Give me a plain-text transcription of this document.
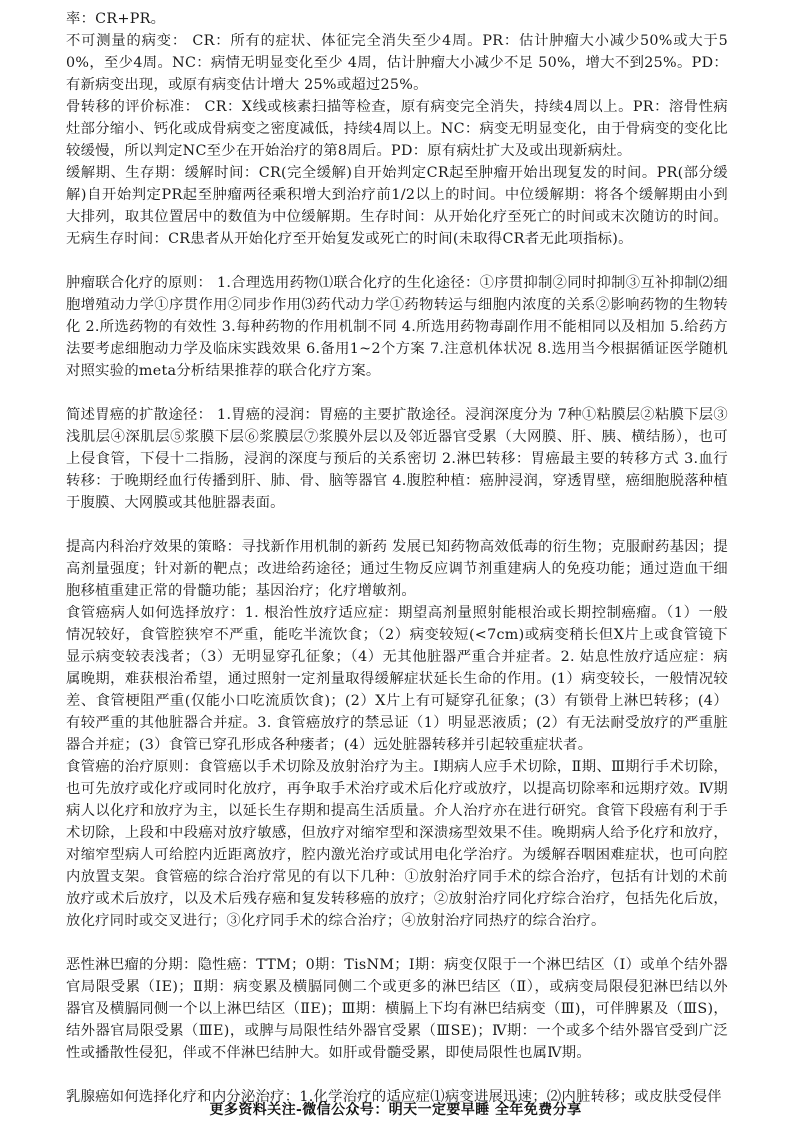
率：CR+PR。

不可测量的病变： CR：所有的症状、体征完全消失至少4周。PR：估计肿瘤大小减少50%或大于50%，至少4周。NC：病情无明显变化至少 4周，估计肿瘤大小减少不足 50%，增大不到25%。PD：有新病变出现，或原有病变估计增大 25%或超过25%。

骨转移的评价标准： CR：X线或核素扫描等检查，原有病变完全消失，持续4周以上。PR：溶骨性病灶部分缩小、钙化或成骨病变之密度减低，持续4周以上。NC：病变无明显变化，由于骨病变的变化比较缓慢，所以判定NC至少在开始治疗的第8周后。PD：原有病灶扩大及或出现新病灶。

缓解期、生存期：缓解时间：CR(完全缓解)自开始判定CR起至肿瘤开始出现复发的时间。PR(部分缓解)自开始判定PR起至肿瘤两径乘积增大到治疗前1/2以上的时间。中位缓解期：将各个缓解期由小到大排列，取其位置居中的数值为中位缓解期。生存时间：从开始化疗至死亡的时间或末次随访的时间。无病生存时间：CR患者从开始化疗至开始复发或死亡的时间(未取得CR者无此项指标)。

肿瘤联合化疗的原则： 1.合理选用药物⑴联合化疗的生化途径：①序贯抑制②同时抑制③互补抑制⑵细胞增殖动力学①序贯作用②同步作用⑶药代动力学①药物转运与细胞内浓度的关系②影响药物的生物转化 2.所选药物的有效性 3.每种药物的作用机制不同 4.所选用药物毒副作用不能相同以及相加 5.给药方法要考虑细胞动力学及临床实践效果 6.备用1~2个方案 7.注意机体状况 8.选用当今根据循证医学随机对照实验的meta分析结果推荐的联合化疗方案。

简述胃癌的扩散途径： 1.胃癌的浸润：胃癌的主要扩散途径。浸润深度分为 7种①粘膜层②粘膜下层③浅肌层④深肌层⑤浆膜下层⑥浆膜层⑦浆膜外层以及邻近器官受累（大网膜、肝、胰、横结肠），也可上侵食管，下侵十二指肠，浸润的深度与预后的关系密切 2.淋巴转移：胃癌最主要的转移方式 3.血行转移：于晚期经血行传播到肝、肺、骨、脑等器官 4.腹腔种植：癌肿浸润，穿透胃壁，癌细胞脱落种植于腹膜、大网膜或其他脏器表面。

提高内科治疗效果的策略：寻找新作用机制的新药 发展已知药物高效低毒的衍生物；克服耐药基因；提高剂量强度；针对新的靶点；改进给药途径；通过生物反应调节剂重建病人的免疫功能；通过造血干细胞移植重建正常的骨髓功能；基因治疗；化疗增敏剂。

食管癌病人如何选择放疗：1. 根治性放疗适应症：期望高剂量照射能根治或长期控制癌瘤。（1）一般情况较好，食管腔狭窄不严重，能吃半流饮食；（2）病变较短(<7cm)或病变稍长但X片上或食管镜下显示病变较表浅者；（3）无明显穿孔征象；（4）无其他脏器严重合并症者。2. 姑息性放疗适应症：病属晚期，难获根治希望，通过照射一定剂量取得缓解症状延长生命的作用。(1）病变较长，一般情况较差、食管梗阻严重(仅能小口吃流质饮食)；(2）X片上有可疑穿孔征象；(3）有锁骨上淋巴转移；(4）有较严重的其他脏器合并症。3. 食管癌放疗的禁忌证（1）明显恶液质；(2）有无法耐受放疗的严重脏器合并症；(3）食管已穿孔形成各种瘘者；(4）远处脏器转移并引起较重症状者。

食管癌的治疗原则：食管癌以手术切除及放射治疗为主。I期病人应手术切除，Ⅱ期、Ⅲ期行手术切除，也可先放疗或化疗或同时化放疗，再争取手术治疗或术后化疗或放疗，以提高切除率和远期疗效。Ⅳ期病人以化疗和放疗为主，以延长生存期和提高生活质量。介人治疗亦在进行研究。食管下段癌有利于手术切除，上段和中段癌对放疗敏感，但放疗对缩窄型和深溃疡型效果不佳。晚期病人给予化疗和放疗，对缩窄型病人可给腔内近距离放疗，腔内激光治疗或试用电化学治疗。为缓解吞咽困难症状，也可向腔内放置支架。食管癌的综合治疗常见的有以下几种：①放射治疗同手术的综合治疗，包括有计划的术前放疗或术后放疗，以及术后残存癌和复发转移癌的放疗；②放射治疗同化疗综合治疗，包括先化后放，放化疗同时或交叉进行；③化疗同手术的综合治疗；④放射治疗同热疗的综合治疗。

恶性淋巴瘤的分期：隐性癌：TTM；0期：TisNM；Ⅰ期：病变仅限于一个淋巴结区（Ⅰ）或单个结外器官局限受累（ⅠE)；Ⅱ期：病变累及横膈同侧二个或更多的淋巴结区（Ⅱ），或病变局限侵犯淋巴结以外器官及横膈同侧一个以上淋巴结区（ⅡE)；Ⅲ期：横膈上下均有淋巴结病变（Ⅲ)，可伴脾累及（ⅢS)，结外器官局限受累（ⅢE)，或脾与局限性结外器官受累（ⅢSE)；Ⅳ期：一个或多个结外器官受到广泛性或播散性侵犯，伴或不伴淋巴结肿大。如肝或骨髓受累，即使局限性也属Ⅳ期。

乳腺癌如何选择化疗和内分泌治疗：1.化学治疗的适应症⑴病变进展迅速；⑵内脏转移；或皮肤受侵伴

更多资料关注-微信公众号：明天一定要早睡 全年免费分享
